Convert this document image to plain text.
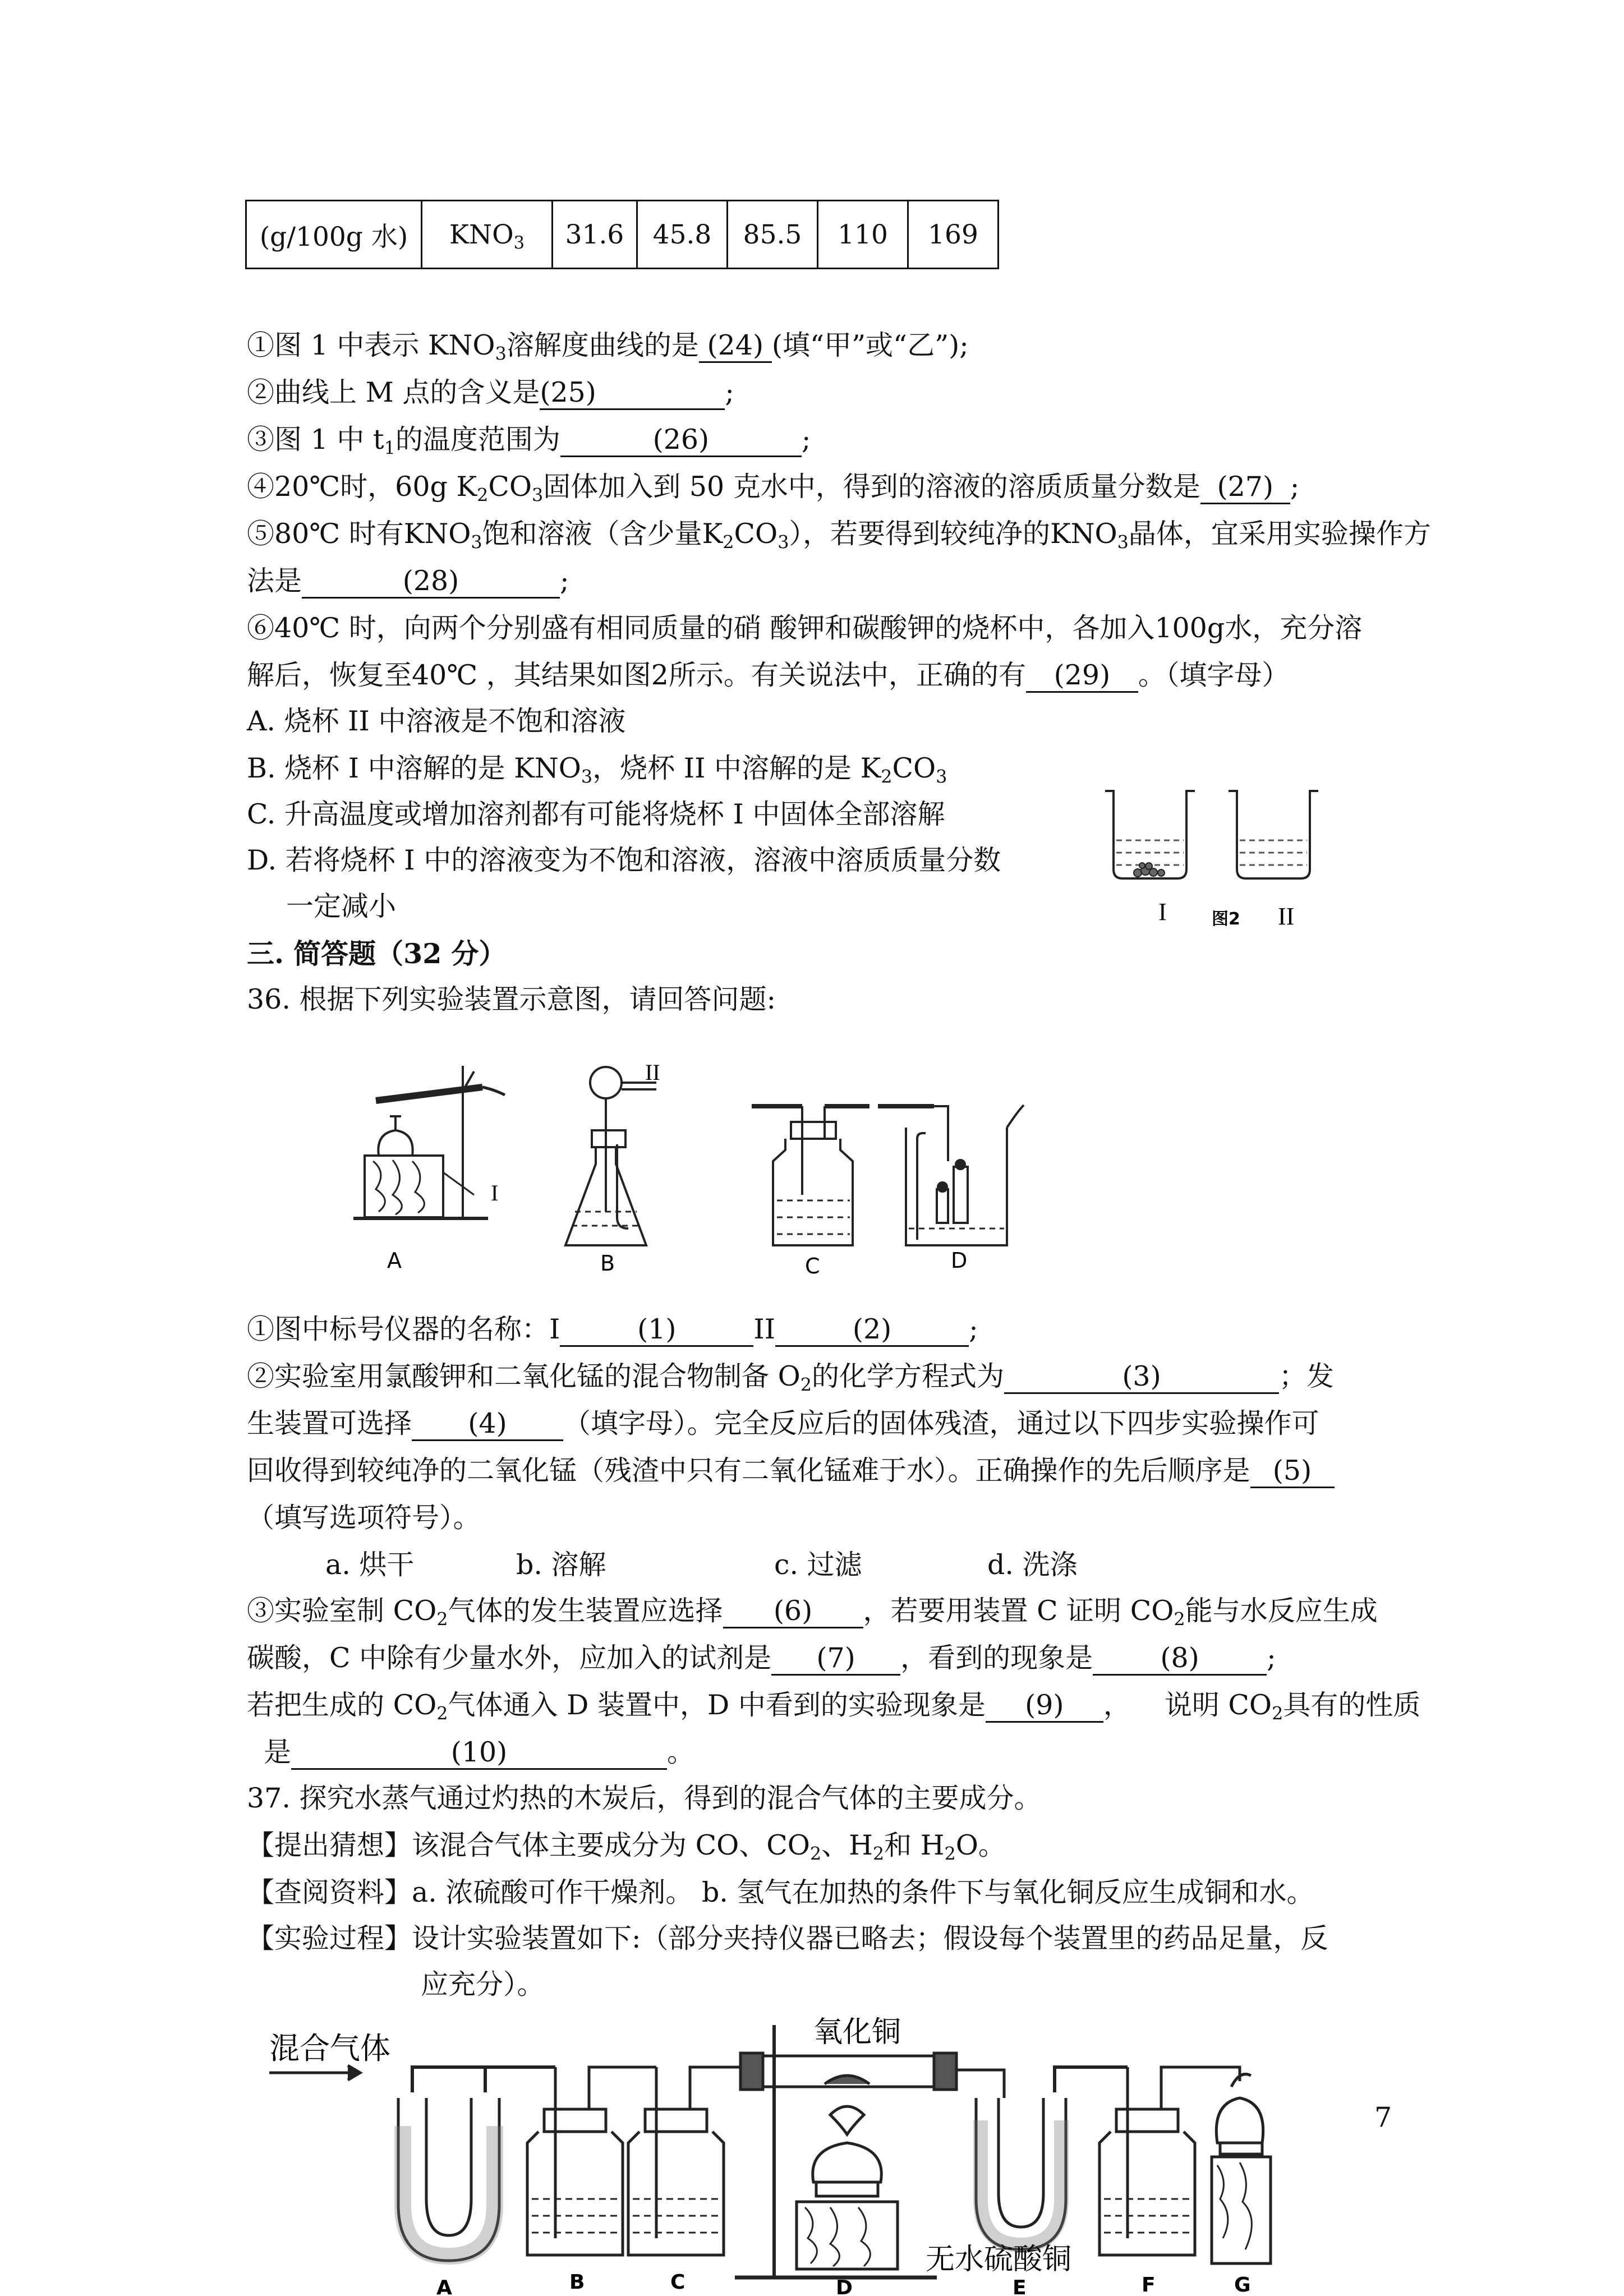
(g/100g 水)	$KNO_3$	31.6	45.8	85.5	110	169
①图 1 中表示 $KNO_3$溶解度曲线的是 (24) (填“甲”或“乙”);
②曲线上 M 点的含义是(25)	;
③图 1 中 $t_1$的温度范围为	(26)	;
④20℃时，60g $K_2CO_3$固体加入到 50 克水中，得到的溶液的溶质质量分数是 (27) ;
⑤80℃ 时有$KNO_3$饱和溶液（含少量$K_2CO_3$），若要得到较纯净的$KNO_3$晶体，宜采用实验操作方
法是	(28)	;
⑥40℃ 时，向两个分别盛有相同质量的硝 酸钾和碳酸钾的烧杯中，各加入100g水，充分溶
解后，恢复至40℃ ，其结果如图2所示。有关说法中，正确的有 (29) 。（填字母）
A. 烧杯 II 中溶液是不饱和溶液
B. 烧杯 I 中溶解的是 $KNO_3$，烧杯 II 中溶解的是 $K_2CO_3$
C. 升高温度或增加溶剂都有可能将烧杯 I 中固体全部溶解
D. 若将烧杯 I 中的溶液变为不饱和溶液，溶液中溶质质量分数
一定减小	I	图2 II
三. 简答题（32 分）
36. 根据下列实验装置示意图，请回答问题:
A
I
II
B	C	D
①图中标号仪器的名称：I	(1)	II	(2)	;
②实验室用氯酸钾和二氧化锰的混合物制备 $O_2$的化学方程式为	(3)	；发
生装置可选择 (4) （填字母）。完全反应后的固体残渣，通过以下四步实验操作可
回收得到较纯净的二氧化锰（残渣中只有二氧化锰难于水）。正确操作的先后顺序是 (5)
（填写选项符号）。
a. 烘干	b. 溶解	c. 过滤	d. 洗涤
③实验室制 $CO_2$气体的发生装置应选择 (6) ，若要用装置 C 证明 $CO_2$能与水反应生成
碳酸，C 中除有少量水外，应加入的试剂是 (7) ，看到的现象是 (8) ;
若把生成的 $CO_2$气体通入 D 装置中，D 中看到的实验现象是 (9) ， 说明 $CO_2$具有的性质
是	(10)	。
37. 探究水蒸气通过灼热的木炭后，得到的混合气体的主要成分。
【提出猜想】该混合气体主要成分为 CO、$CO_2$、$H_2$和 $H_2O$。
【查阅资料】a. 浓硫酸可作干燥剂。 b. 氢气在加热的条件下与氧化铜反应生成铜和水。
【实验过程】设计实验装置如下:（部分夹持仪器已略去；假设每个装置里的药品足量，反
应充分）。
混合气体	氧化铜
无水硫酸铜
A	B	C	D	E	F	G
7
